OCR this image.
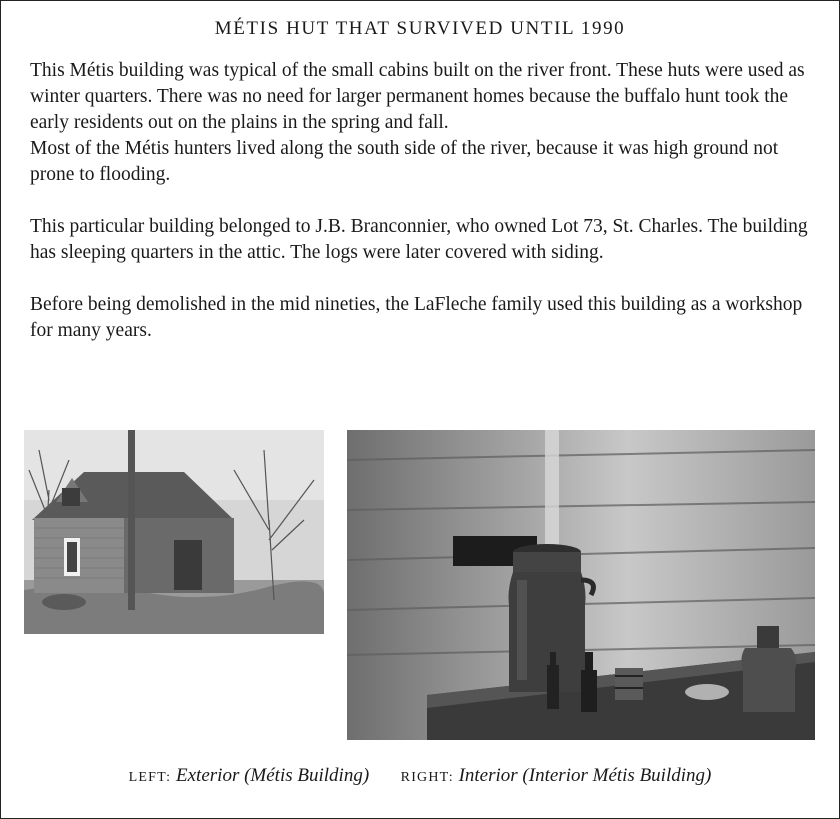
MÉTIS HUT THAT SURVIVED UNTIL 1990

This Métis building was typical of the small cabins built on the river front. These huts were used as winter quarters. There was no need for larger permanent homes because the buffalo hunt took the early residents out on the plains in the spring and fall.

Most of the Métis hunters lived along the south side of the river, because it was high ground not prone to flooding.

This particular building belonged to J.B. Branconnier, who owned Lot 73, St. Charles. The building has sleeping quarters in the attic. The logs were later covered with siding.

Before being demolished in the mid nineties, the LaFleche family used this building as a workshop for many years.

LEFT: Exterior (Métis Building) RIGHT: Interior (Interior Métis Building)
